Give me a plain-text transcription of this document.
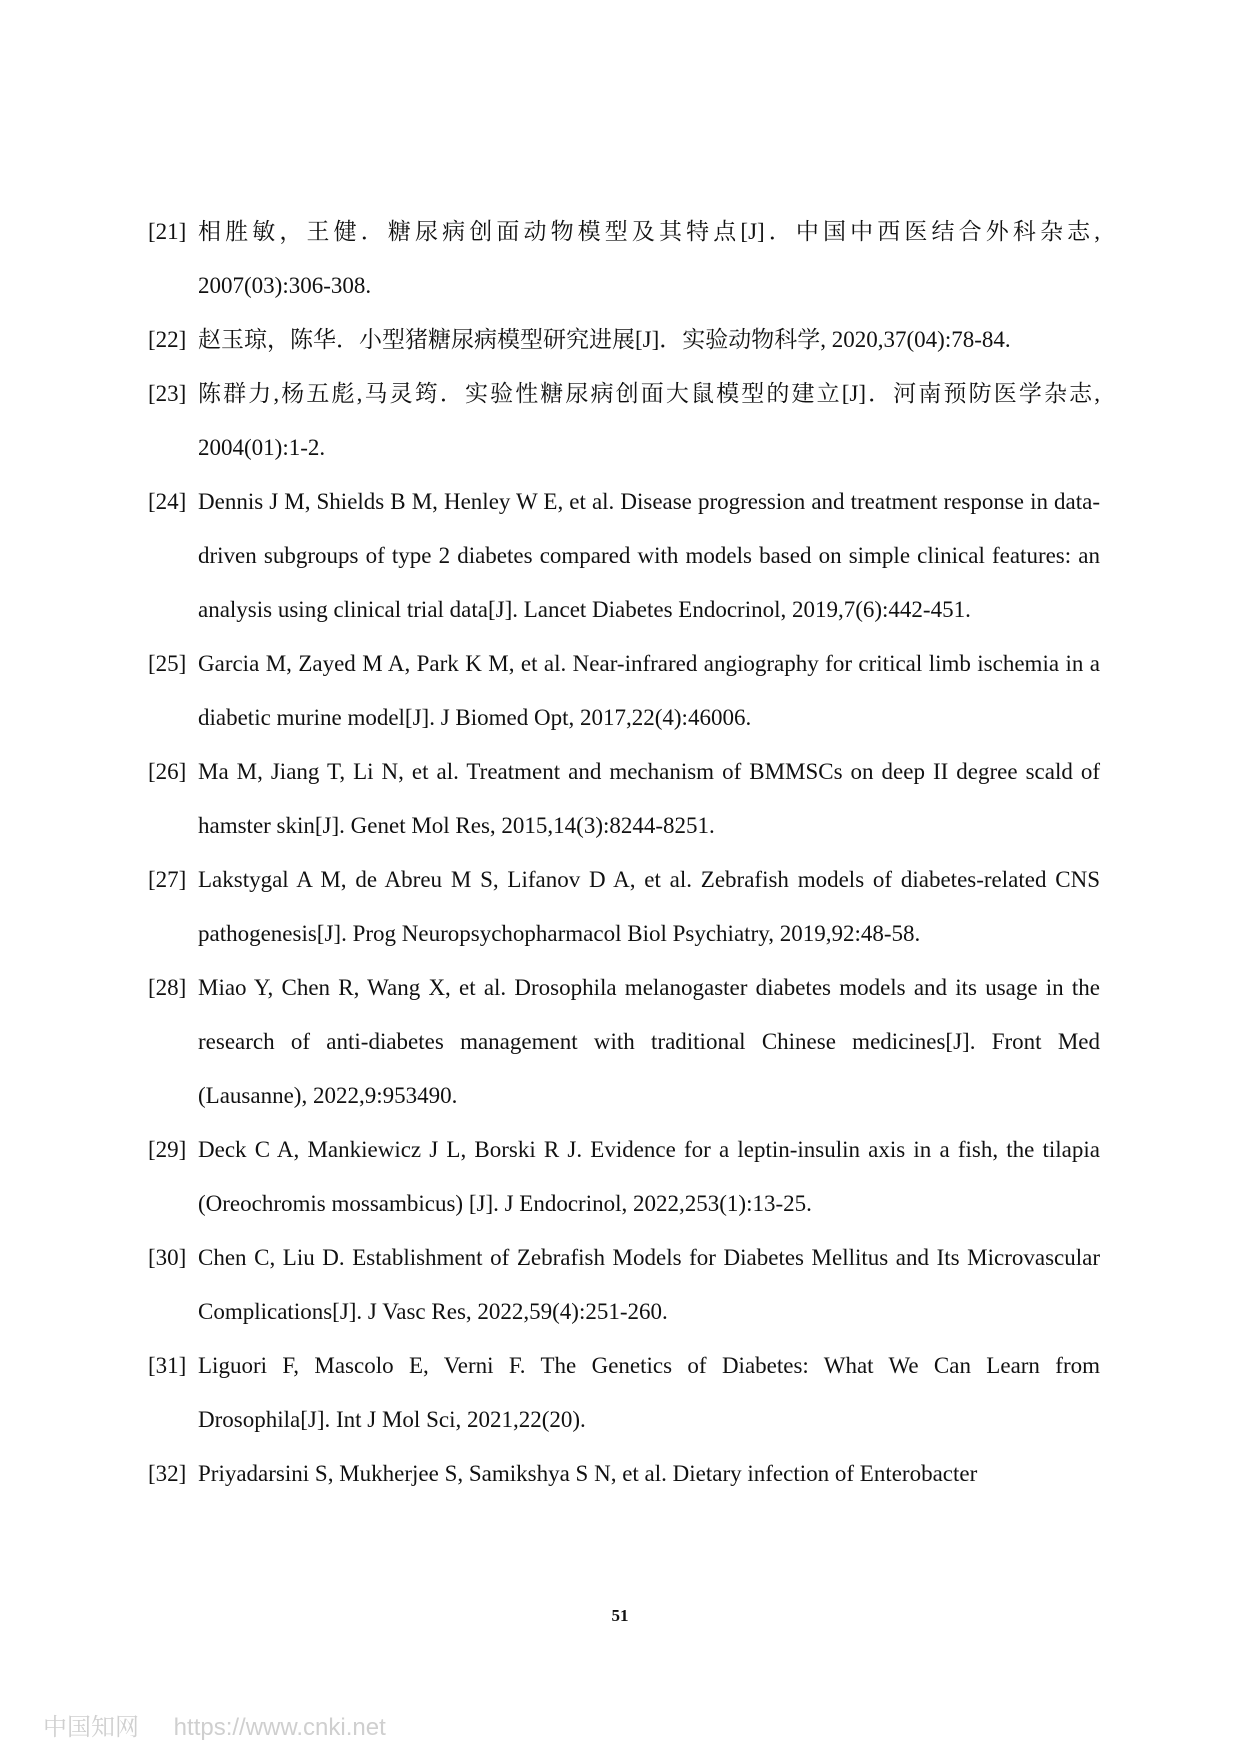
[21] 相胜敏，王健．糖尿病创面动物模型及其特点[J]．中国中西医结合外科杂志, 2007(03):306-308.
[22] 赵玉琼，陈华．小型猪糖尿病模型研究进展[J]．实验动物科学, 2020,37(04):78-84.
[23] 陈群力,杨五彪,马灵筠．实验性糖尿病创面大鼠模型的建立[J]．河南预防医学杂志, 2004(01):1-2.
[24] Dennis J M, Shields B M, Henley W E, et al. Disease progression and treatment response in data-driven subgroups of type 2 diabetes compared with models based on simple clinical features: an analysis using clinical trial data[J]. Lancet Diabetes Endocrinol, 2019,7(6):442-451.
[25] Garcia M, Zayed M A, Park K M, et al. Near-infrared angiography for critical limb ischemia in a diabetic murine model[J]. J Biomed Opt, 2017,22(4):46006.
[26] Ma M, Jiang T, Li N, et al. Treatment and mechanism of BMMSCs on deep II degree scald of hamster skin[J]. Genet Mol Res, 2015,14(3):8244-8251.
[27] Lakstygal A M, de Abreu M S, Lifanov D A, et al. Zebrafish models of diabetes-related CNS pathogenesis[J]. Prog Neuropsychopharmacol Biol Psychiatry, 2019,92:48-58.
[28] Miao Y, Chen R, Wang X, et al. Drosophila melanogaster diabetes models and its usage in the research of anti-diabetes management with traditional Chinese medicines[J]. Front Med (Lausanne), 2022,9:953490.
[29] Deck C A, Mankiewicz J L, Borski R J. Evidence for a leptin-insulin axis in a fish, the tilapia (Oreochromis mossambicus) [J]. J Endocrinol, 2022,253(1):13-25.
[30] Chen C, Liu D. Establishment of Zebrafish Models for Diabetes Mellitus and Its Microvascular Complications[J]. J Vasc Res, 2022,59(4):251-260.
[31] Liguori F, Mascolo E, Verni F. The Genetics of Diabetes: What We Can Learn from Drosophila[J]. Int J Mol Sci, 2021,22(20).
[32] Priyadarsini S, Mukherjee S, Samikshya S N, et al. Dietary infection of Enterobacter
51
中国知网 https://www.cnki.net
